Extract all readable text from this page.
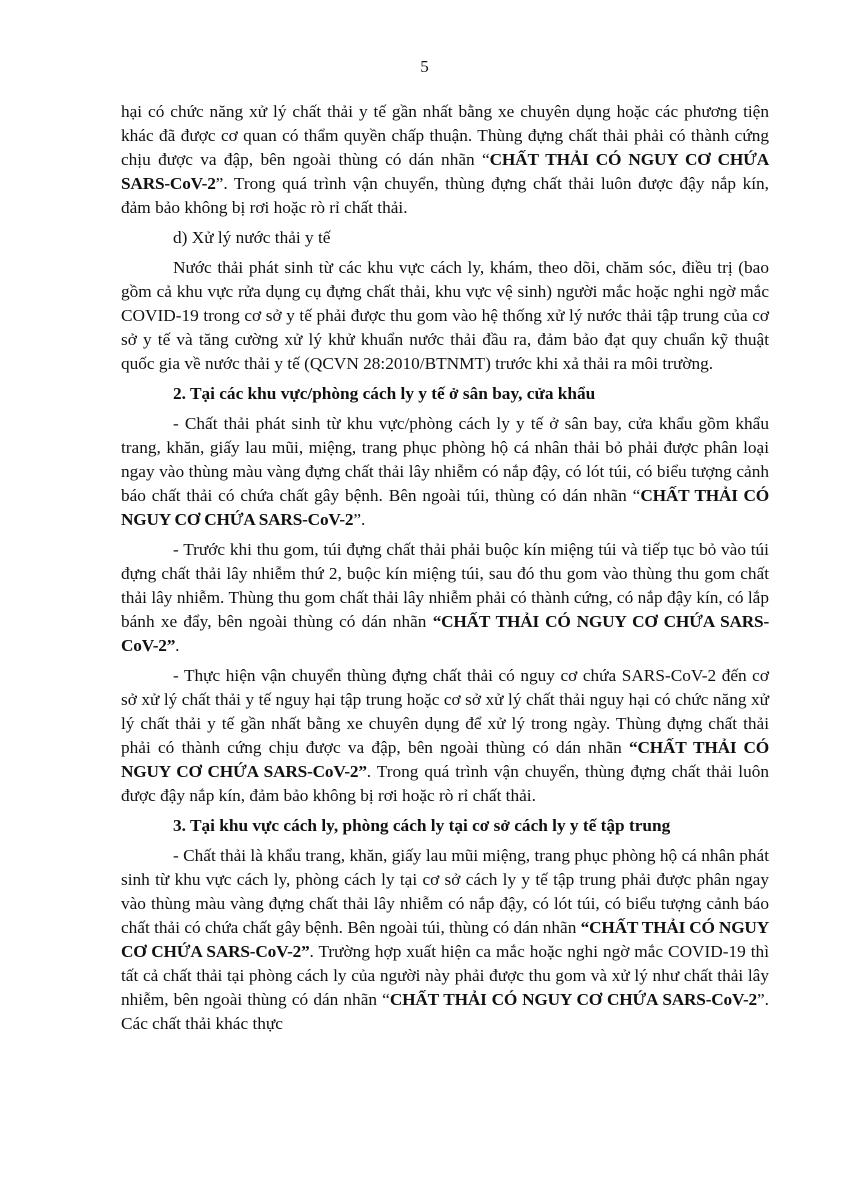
5

hại có chức năng xử lý chất thải y tế gần nhất bằng xe chuyên dụng hoặc các phương tiện khác đã được cơ quan có thẩm quyền chấp thuận. Thùng đựng chất thải phải có thành cứng chịu được va đập, bên ngoài thùng có dán nhãn “CHẤT THẢI CÓ NGUY CƠ CHỨA SARS-CoV-2”. Trong quá trình vận chuyển, thùng đựng chất thải luôn được đậy nắp kín, đảm bảo không bị rơi hoặc rò rỉ chất thải.

d) Xử lý nước thải y tế

Nước thải phát sinh từ các khu vực cách ly, khám, theo dõi, chăm sóc, điều trị (bao gồm cả khu vực rửa dụng cụ đựng chất thải, khu vực vệ sinh) người mắc hoặc nghi ngờ mắc COVID-19 trong cơ sở y tế phải được thu gom vào hệ thống xử lý nước thải tập trung của cơ sở y tế và tăng cường xử lý khử khuẩn nước thải đầu ra, đảm bảo đạt quy chuẩn kỹ thuật quốc gia về nước thải y tế (QCVN 28:2010/BTNMT) trước khi xả thải ra môi trường.

2. Tại các khu vực/phòng cách ly y tế ở sân bay, cửa khẩu

- Chất thải phát sinh từ khu vực/phòng cách ly y tế ở sân bay, cửa khẩu gồm khẩu trang, khăn, giấy lau mũi, miệng, trang phục phòng hộ cá nhân thải bỏ phải được phân loại ngay vào thùng màu vàng đựng chất thải lây nhiễm có nắp đậy, có lót túi, có biểu tượng cảnh báo chất thải có chứa chất gây bệnh. Bên ngoài túi, thùng có dán nhãn “CHẤT THẢI CÓ NGUY CƠ CHỨA SARS-CoV-2”.

- Trước khi thu gom, túi đựng chất thải phải buộc kín miệng túi và tiếp tục bỏ vào túi đựng chất thải lây nhiễm thứ 2, buộc kín miệng túi, sau đó thu gom vào thùng thu gom chất thải lây nhiễm. Thùng thu gom chất thải lây nhiễm phải có thành cứng, có nắp đậy kín, có lắp bánh xe đẩy, bên ngoài thùng có dán nhãn “CHẤT THẢI CÓ NGUY CƠ CHỨA SARS-CoV-2”.

- Thực hiện vận chuyển thùng đựng chất thải có nguy cơ chứa SARS-CoV-2 đến cơ sở xử lý chất thải y tế nguy hại tập trung hoặc cơ sở xử lý chất thải nguy hại có chức năng xử lý chất thải y tế gần nhất bằng xe chuyên dụng để xử lý trong ngày. Thùng đựng chất thải phải có thành cứng chịu được va đập, bên ngoài thùng có dán nhãn “CHẤT THẢI CÓ NGUY CƠ CHỨA SARS-CoV-2”. Trong quá trình vận chuyển, thùng đựng chất thải luôn được đậy nắp kín, đảm bảo không bị rơi hoặc rò rỉ chất thải.

3. Tại khu vực cách ly, phòng cách ly tại cơ sở cách ly y tế tập trung

- Chất thải là khẩu trang, khăn, giấy lau mũi miệng, trang phục phòng hộ cá nhân phát sinh từ khu vực cách ly, phòng cách ly tại cơ sở cách ly y tế tập trung phải được phân ngay vào thùng màu vàng đựng chất thải lây nhiễm có nắp đậy, có lót túi, có biểu tượng cảnh báo chất thải có chứa chất gây bệnh. Bên ngoài túi, thùng có dán nhãn “CHẤT THẢI CÓ NGUY CƠ CHỨA SARS-CoV-2”. Trường hợp xuất hiện ca mắc hoặc nghi ngờ mắc COVID-19 thì tất cả chất thải tại phòng cách ly của người này phải được thu gom và xử lý như chất thải lây nhiễm, bên ngoài thùng có dán nhãn “CHẤT THẢI CÓ NGUY CƠ CHỨA SARS-CoV-2”. Các chất thải khác thực
